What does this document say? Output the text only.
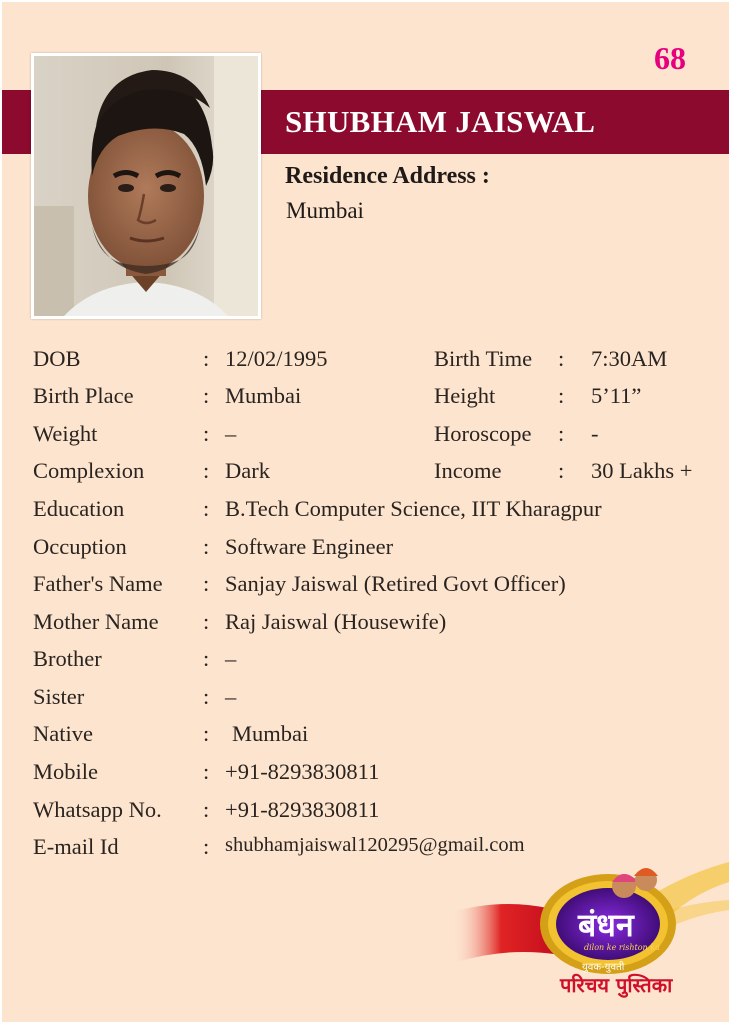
68
SHUBHAM JAISWAL
Residence Address :
Mumbai
DOB	: 12/02/1995	Birth Time : 7:30AM
Birth Place	: Mumbai	Height	: 5’11”
Weight	: –	Horoscope : -
Complexion	: Dark	Income	: 30 Lakhs +
Education	: B.Tech Computer Science, IIT Kharagpur
Occuption	: Software Engineer
Father's Name : Sanjay Jaiswal (Retired Govt Officer)
Mother Name : Raj Jaiswal (Housewife)
Brother	: –
Sister	: –
Native	: Mumbai
Mobile	: +91-8293830811
Whatsapp No. : +91-8293830811
E-mail Id	: shubhamjaiswal120295@gmail.com
बंधन
dilon ke rishton ka
युवक-युवती
परिचय पुस्तिका
